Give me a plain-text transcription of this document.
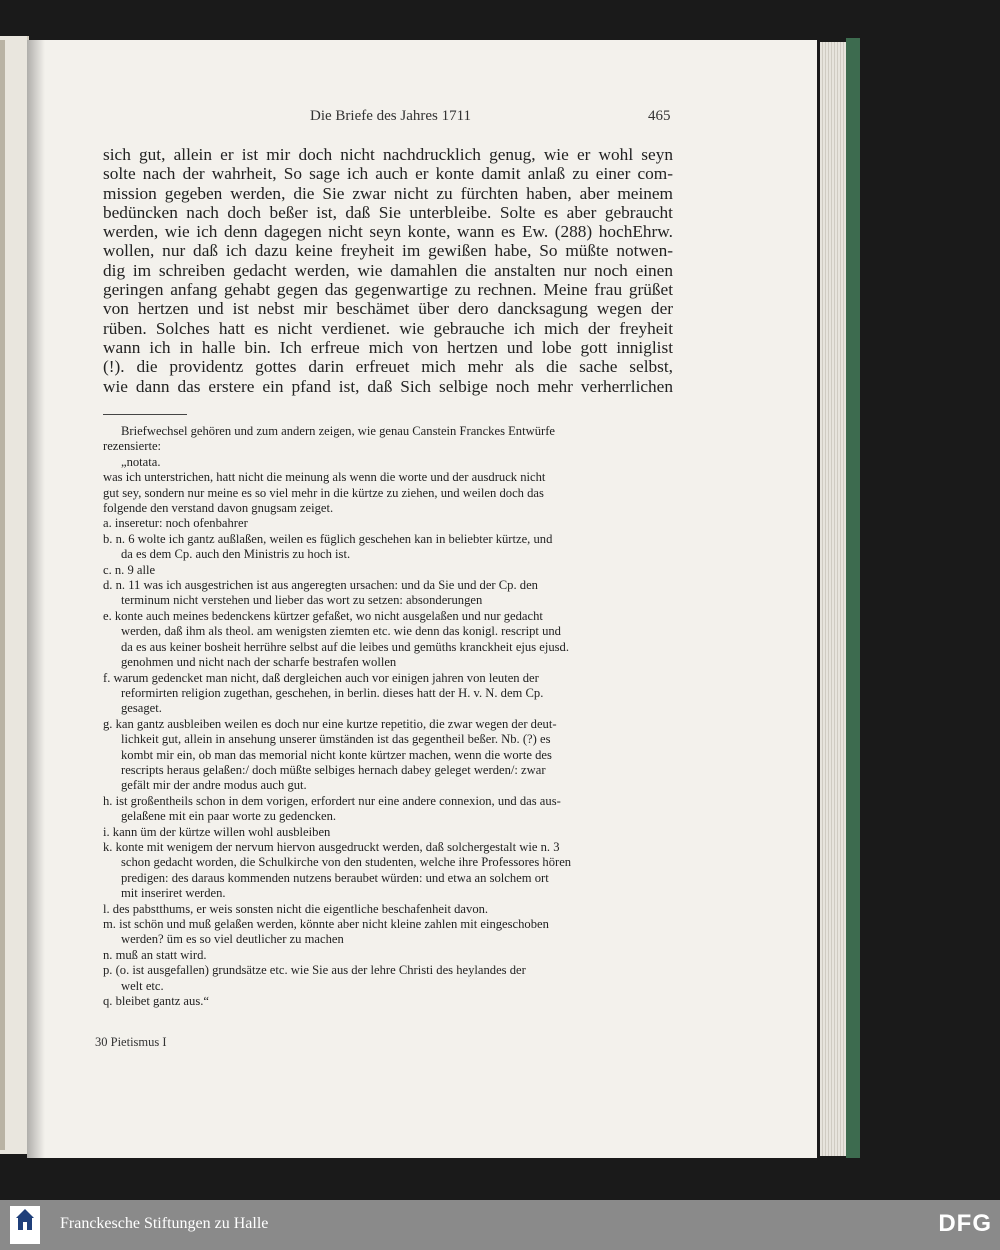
Die Briefe des Jahres 1711	465

sich gut, allein er ist mir doch nicht nachdrucklich genug, wie er wohl seyn
solte nach der wahrheit, So sage ich auch er konte damit anlaß zu einer com-
mission gegeben werden, die Sie zwar nicht zu fürchten haben, aber meinem
bedüncken nach doch beßer ist, daß Sie unterbleibe. Solte es aber gebraucht
werden, wie ich denn dagegen nicht seyn konte, wann es Ew. (288) hochEhrw.
wollen, nur daß ich dazu keine freyheit im gewißen habe, So müßte notwen-
dig im schreiben gedacht werden, wie damahlen die anstalten nur noch einen
geringen anfang gehabt gegen das gegenwartige zu rechnen. Meine frau grüßet
von hertzen und ist nebst mir beschämet über dero dancksagung wegen der
rüben. Solches hatt es nicht verdienet. wie gebrauche ich mich der freyheit
wann ich in halle bin. Ich erfreue mich von hertzen und lobe gott inniglist
(!). die providentz gottes darin erfreuet mich mehr als die sache selbst,
wie dann das erstere ein pfand ist, daß Sich selbige noch mehr verherrlichen

Briefwechsel gehören und zum andern zeigen, wie genau Canstein Franckes Entwürfe
rezensierte:
„notata.
was ich unterstrichen, hatt nicht die meinung als wenn die worte und der ausdruck nicht
gut sey, sondern nur meine es so viel mehr in die kürtze zu ziehen, und weilen doch das
folgende den verstand davon gnugsam zeiget.
a. inseretur: noch ofenbahrer
b. n. 6 wolte ich gantz außlaßen, weilen es füglich geschehen kan in beliebter kürtze, und
da es dem Cp. auch den Ministris zu hoch ist.
c. n. 9 alle
d. n. 11 was ich ausgestrichen ist aus angeregten ursachen: und da Sie und der Cp. den
terminum nicht verstehen und lieber das wort zu setzen: absonderungen
e. konte auch meines bedenckens kürtzer gefaßet, wo nicht ausgelaßen und nur gedacht
werden, daß ihm als theol. am wenigsten ziemten etc. wie denn das konigl. rescript und
da es aus keiner bosheit herrühre selbst auf die leibes und gemüths kranckheit ejus ejusd.
genohmen und nicht nach der scharfe bestrafen wollen
f. warum gedencket man nicht, daß dergleichen auch vor einigen jahren von leuten der
reformirten religion zugethan, geschehen, in berlin. dieses hatt der H. v. N. dem Cp.
gesaget.
g. kan gantz ausbleiben weilen es doch nur eine kurtze repetitio, die zwar wegen der deut-
lichkeit gut, allein in ansehung unserer ümständen ist das gegentheil beßer. Nb. (?) es
kombt mir ein, ob man das memorial nicht konte kürtzer machen, wenn die worte des
rescripts heraus gelaßen:/ doch müßte selbiges hernach dabey geleget werden/: zwar
gefält mir der andre modus auch gut.
h. ist großentheils schon in dem vorigen, erfordert nur eine andere connexion, und das aus-
gelaßene mit ein paar worte zu gedencken.
i. kann üm der kürtze willen wohl ausbleiben
k. konte mit wenigem der nervum hiervon ausgedruckt werden, daß solchergestalt wie n. 3
schon gedacht worden, die Schulkirche von den studenten, welche ihre Professores hören
predigen: des daraus kommenden nutzens beraubet würden: und etwa an solchem ort
mit inseriret werden.
l. des pabstthums, er weis sonsten nicht die eigentliche beschafenheit davon.
m. ist schön und muß gelaßen werden, könnte aber nicht kleine zahlen mit eingeschoben
werden? üm es so viel deutlicher zu machen
n. muß an statt wird.
p. (o. ist ausgefallen) grundsätze etc. wie Sie aus der lehre Christi des heylandes der
welt etc.
q. bleibet gantz aus.“
30 Pietismus I
Franckesche Stiftungen zu Halle	DFG
